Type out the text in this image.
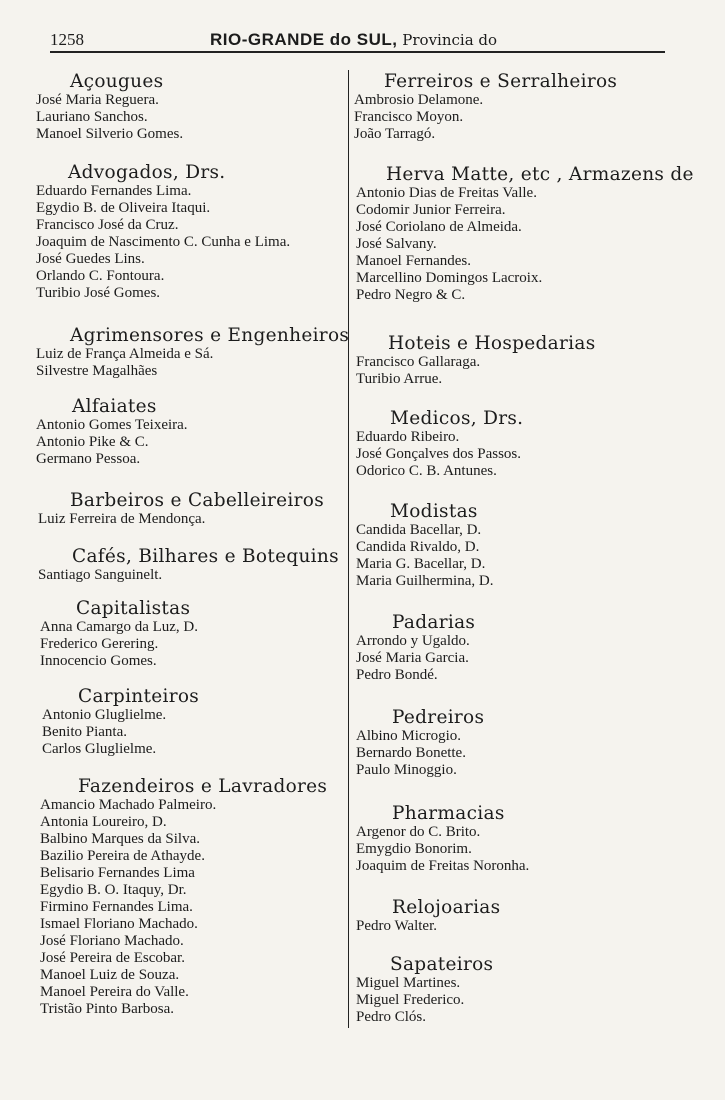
1258	RIO-GRANDE do SUL, Provincia do
Açougues
José Maria Reguera.
Lauriano Sanchos.
Manoel Silverio Gomes.
Advogados, Drs.
Eduardo Fernandes Lima.
Egydio B. de Oliveira Itaqui.
Francisco José da Cruz.
Joaquim de Nascimento C. Cunha e Lima.
José Guedes Lins.
Orlando C. Fontoura.
Turibio José Gomes.
Agrimensores e Engenheiros
Luiz de França Almeida e Sá.
Silvestre Magalhães
Alfaiates
Antonio Gomes Teixeira.
Antonio Pike & C.
Germano Pessoa.
Barbeiros e Cabelleireiros
Luiz Ferreira de Mendonça.
Cafés, Bilhares e Botequins
Santiago Sanguinelt.
Capitalistas
Anna Camargo da Luz, D.
Frederico Gerering.
Innocencio Gomes.
Carpinteiros
Antonio Gluglielme.
Benito Pianta.
Carlos Gluglielme.
Fazendeiros e Lavradores
Amancio Machado Palmeiro.
Antonia Loureiro, D.
Balbino Marques da Silva.
Bazilio Pereira de Athayde.
Belisario Fernandes Lima
Egydio B. O. Itaquy, Dr.
Firmino Fernandes Lima.
Ismael Floriano Machado.
José Floriano Machado.
José Pereira de Escobar.
Manoel Luiz de Souza.
Manoel Pereira do Valle.
Tristão Pinto Barbosa.
Ferreiros e Serralheiros
Ambrosio Delamone.
Francisco Moyon.
João Tarragó.
Herva Matte, etc , Armazens de
Antonio Dias de Freitas Valle.
Codomir Junior Ferreira.
José Coriolano de Almeida.
José Salvany.
Manoel Fernandes.
Marcellino Domingos Lacroix.
Pedro Negro & C.
Hoteis e Hospedarias
Francisco Gallaraga.
Turibio Arrue.
Medicos, Drs.
Eduardo Ribeiro.
José Gonçalves dos Passos.
Odorico C. B. Antunes.
Modistas
Candida Bacellar, D.
Candida Rivaldo, D.
Maria G. Bacellar, D.
Maria Guilhermina, D.
Padarias
Arrondo y Ugaldo.
José Maria Garcia.
Pedro Bondé.
Pedreiros
Albino Microgio.
Bernardo Bonette.
Paulo Minoggio.
Pharmacias
Argenor do C. Brito.
Emygdio Bonorim.
Joaquim de Freitas Noronha.
Relojoarias
Pedro Walter.
Sapateiros
Miguel Martines.
Miguel Frederico.
Pedro Clós.
